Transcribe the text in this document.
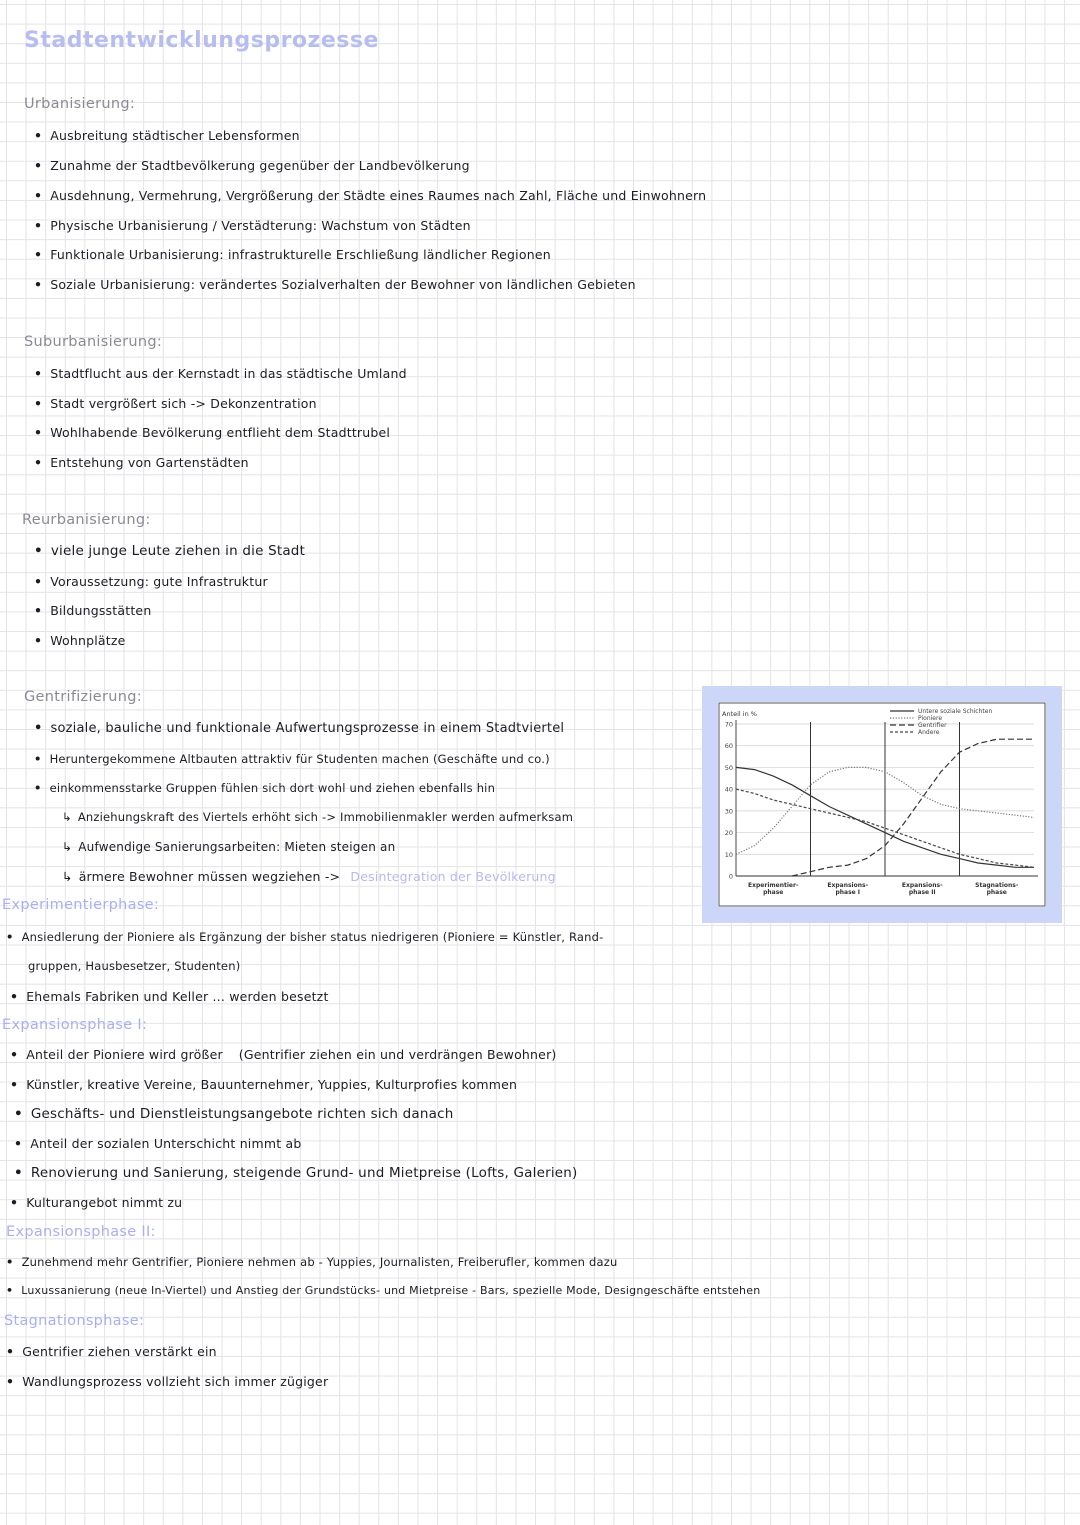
Stadtentwicklungsprozesse
Urbanisierung:
• Ausbreitung städtischer Lebensformen
• Zunahme der Stadtbevölkerung gegenüber der Landbevölkerung
• Ausdehnung, Vermehrung, Vergrößerung der Städte eines Raumes nach Zahl, Fläche und Einwohnern
• Physische Urbanisierung / Verstädterung: Wachstum von Städten
• Funktionale Urbanisierung: infrastrukturelle Erschließung ländlicher Regionen
• Soziale Urbanisierung: verändertes Sozialverhalten der Bewohner von ländlichen Gebieten
Suburbanisierung:
• Stadtflucht aus der Kernstadt in das städtische Umland
• Stadt vergrößert sich -> Dekonzentration
• Wohlhabende Bevölkerung entflieht dem Stadttrubel
• Entstehung von Gartenstädten
Reurbanisierung:
• viele junge Leute ziehen in die Stadt
• Voraussetzung: gute Infrastruktur
• Bildungsstätten
• Wohnplätze
Gentrifizierung:
• soziale, bauliche und funktionale Aufwertungsprozesse in einem Stadtviertel
• Heruntergekommene Altbauten attraktiv für Studenten machen (Geschäfte und co.)
• einkommensstarke Gruppen fühlen sich dort wohl und ziehen ebenfalls hin
↳ Anziehungskraft des Viertels erhöht sich -> Immobilienmakler werden aufmerksam
↳ Aufwendige Sanierungsarbeiten: Mieten steigen an
↳ ärmere Bewohner müssen wegziehen -> Desintegration der Bevölkerung	0
10
20
30
40
50
60
70
Anteil in %
Experimentier-phase
Expansions-phase I
Expansions-phase II
Stagnations-phase
Untere soziale Schichten
Pioniere
Gentrifier
Andere
Experimentierphase:
• Ansiedlerung der Pioniere als Ergänzung der bisher status niedrigeren (Pioniere = Künstler, Rand-
gruppen, Hausbesetzer, Studenten)
• Ehemals Fabriken und Keller ... werden besetzt
Expansionsphase I:
• Anteil der Pioniere wird größer (Gentrifier ziehen ein und verdrängen Bewohner)
• Künstler, kreative Vereine, Bauunternehmer, Yuppies, Kulturprofies kommen
• Geschäfts- und Dienstleistungsangebote richten sich danach
• Anteil der sozialen Unterschicht nimmt ab
• Renovierung und Sanierung, steigende Grund- und Mietpreise (Lofts, Galerien)
• Kulturangebot nimmt zu
Expansionsphase II:
• Zunehmend mehr Gentrifier, Pioniere nehmen ab - Yuppies, Journalisten, Freiberufler, kommen dazu
• Luxussanierung (neue In-Viertel) und Anstieg der Grundstücks- und Mietpreise - Bars, spezielle Mode, Designgeschäfte entstehen
Stagnationsphase:
• Gentrifier ziehen verstärkt ein
• Wandlungsprozess vollzieht sich immer zügiger
